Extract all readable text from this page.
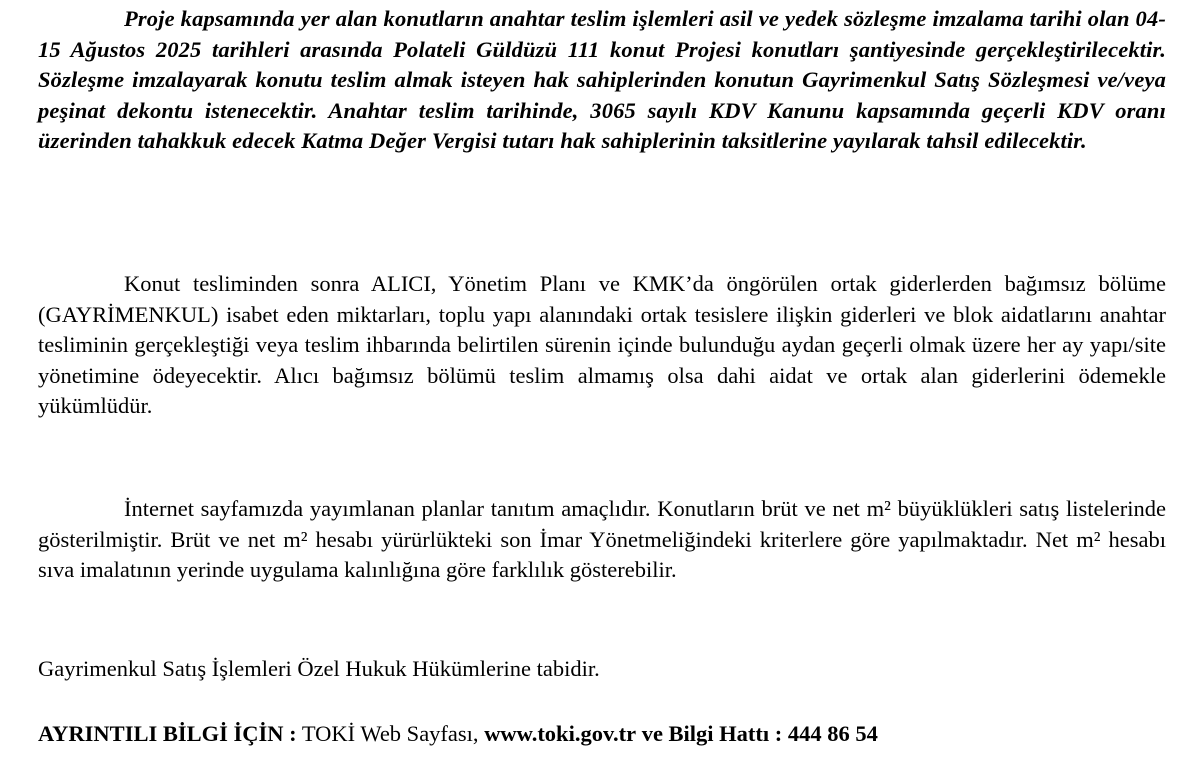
Proje kapsamında yer alan konutların anahtar teslim işlemleri asil ve yedek sözleşme imzalama tarihi olan 04-15 Ağustos 2025 tarihleri arasında Polateli Güldüzü 111 konut Projesi konutları şantiyesinde gerçekleştirilecektir. Sözleşme imzalayarak konutu teslim almak isteyen hak sahiplerinden konutun Gayrimenkul Satış Sözleşmesi ve/veya peşinat dekontu istenecektir. Anahtar teslim tarihinde, 3065 sayılı KDV Kanunu kapsamında geçerli KDV oranı üzerinden tahakkuk edecek Katma Değer Vergisi tutarı hak sahiplerinin taksitlerine yayılarak tahsil edilecektir.

Konut tesliminden sonra ALICI, Yönetim Planı ve KMK’da öngörülen ortak giderlerden bağımsız bölüme (GAYRİMENKUL) isabet eden miktarları, toplu yapı alanındaki ortak tesislere ilişkin giderleri ve blok aidatlarını anahtar tesliminin gerçekleştiği veya teslim ihbarında belirtilen sürenin içinde bulunduğu aydan geçerli olmak üzere her ay yapı/site yönetimine ödeyecektir. Alıcı bağımsız bölümü teslim almamış olsa dahi aidat ve ortak alan giderlerini ödemekle yükümlüdür.

İnternet sayfamızda yayımlanan planlar tanıtım amaçlıdır. Konutların brüt ve net m² büyüklükleri satış listelerinde gösterilmiştir. Brüt ve net m² hesabı yürürlükteki son İmar Yönetmeliğindeki kriterlere göre yapılmaktadır. Net m² hesabı sıva imalatının yerinde uygulama kalınlığına göre farklılık gösterebilir.

Gayrimenkul Satış İşlemleri Özel Hukuk Hükümlerine tabidir.

AYRINTILI BİLGİ İÇİN : TOKİ Web Sayfası, www.toki.gov.tr ve Bilgi Hattı : 444 86 54
